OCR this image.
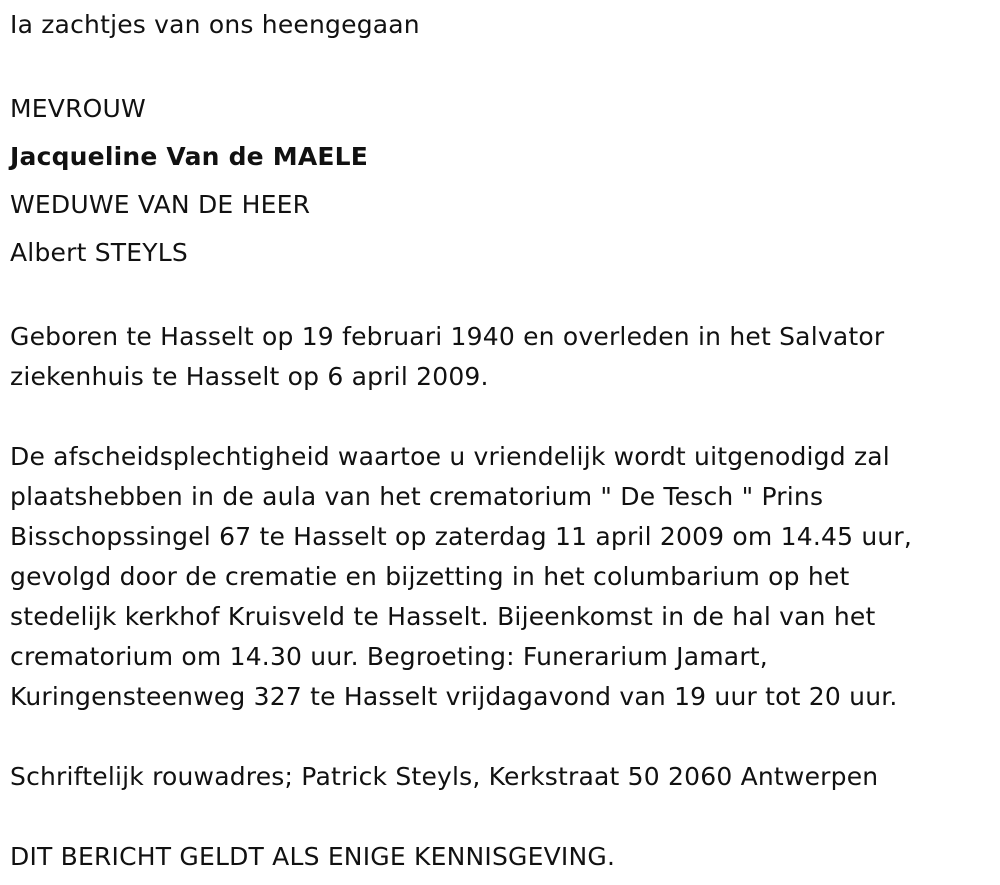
Ia zachtjes van ons heengegaan
MEVROUW
Jacqueline Van de MAELE
WEDUWE VAN DE HEER
Albert STEYLS
Geboren te Hasselt op 19 februari 1940 en overleden in het Salvator
ziekenhuis te Hasselt op 6 april 2009.
De afscheidsplechtigheid waartoe u vriendelijk wordt uitgenodigd zal
plaatshebben in de aula van het crematorium " De Tesch " Prins
Bisschopssingel 67 te Hasselt op zaterdag 11 april 2009 om 14.45 uur,
gevolgd door de crematie en bijzetting in het columbarium op het
stedelijk kerkhof Kruisveld te Hasselt. Bijeenkomst in de hal van het
crematorium om 14.30 uur. Begroeting: Funerarium Jamart,
Kuringensteenweg 327 te Hasselt vrijdagavond van 19 uur tot 20 uur.
Schriftelijk rouwadres; Patrick Steyls, Kerkstraat 50 2060 Antwerpen
DIT BERICHT GELDT ALS ENIGE KENNISGEVING.
